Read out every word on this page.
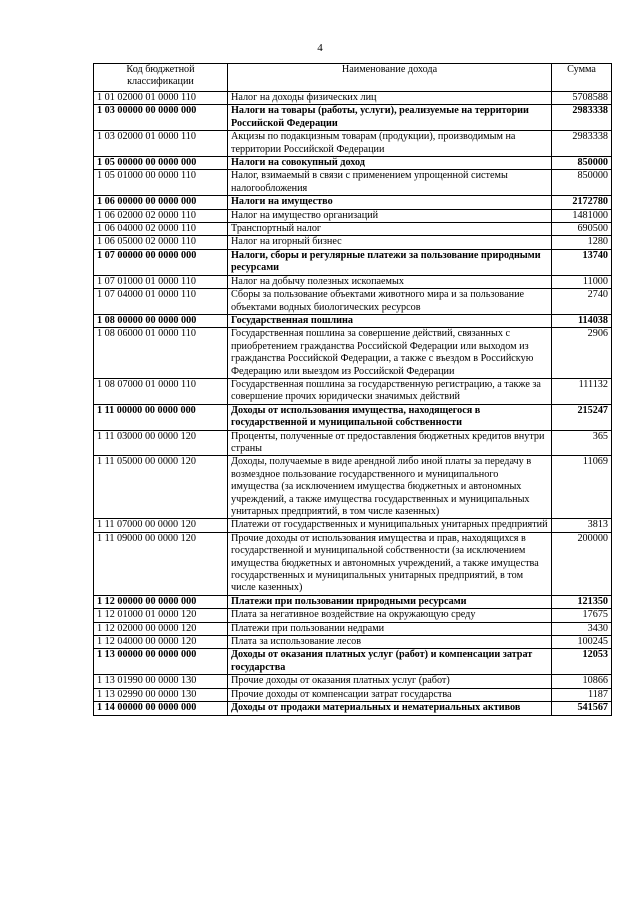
4
Код бюджетной классификации	Наименование дохода	Сумма
1 01 02000 01 0000 110	Налог на доходы физических лиц	5708588
1 03 00000 00 0000 000	Налоги на товары (работы, услуги), реализуемые на территории Российской Федерации	2983338
1 03 02000 01 0000 110	Акцизы по подакцизным товарам (продукции), производимым на территории Российской Федерации	2983338
1 05 00000 00 0000 000	Налоги на совокупный доход	850000
1 05 01000 00 0000 110	Налог, взимаемый в связи с применением упрощенной системы налогообложения	850000
1 06 00000 00 0000 000	Налоги на имущество	2172780
1 06 02000 02 0000 110	Налог на имущество организаций	1481000
1 06 04000 02 0000 110	Транспортный налог	690500
1 06 05000 02 0000 110	Налог на игорный бизнес	1280
1 07 00000 00 0000 000	Налоги, сборы и регулярные платежи за пользование природными ресурсами	13740
1 07 01000 01 0000 110	Налог на добычу полезных ископаемых	11000
1 07 04000 01 0000 110	Сборы за пользование объектами животного мира и за пользование объектами водных биологических ресурсов	2740
1 08 00000 00 0000 000	Государственная пошлина	114038
1 08 06000 01 0000 110	Государственная пошлина за совершение действий, связанных с приобретением гражданства Российской Федерации или выходом из гражданства Российской Федерации, а также с въездом в Российскую Федерацию или выездом из Российской Федерации	2906
1 08 07000 01 0000 110	Государственная пошлина за государственную регистрацию, а также за совершение прочих юридически значимых действий	111132
1 11 00000 00 0000 000	Доходы от использования имущества, находящегося в государственной и муниципальной собственности	215247
1 11 03000 00 0000 120	Проценты, полученные от предоставления бюджетных кредитов внутри страны	365
1 11 05000 00 0000 120	Доходы, получаемые в виде арендной либо иной платы за передачу в возмездное пользование государственного и муниципального имущества (за исключением имущества бюджетных и автономных учреждений, а также имущества государственных и муниципальных унитарных предприятий, в том числе казенных)	11069
1 11 07000 00 0000 120	Платежи от государственных и муниципальных унитарных предприятий	3813
1 11 09000 00 0000 120	Прочие доходы от использования имущества и прав, находящихся в государственной и муниципальной собственности (за исключением имущества бюджетных и автономных учреждений, а также имущества государственных и муниципальных унитарных предприятий, в том числе казенных)	200000
1 12 00000 00 0000 000	Платежи при пользовании природными ресурсами	121350
1 12 01000 01 0000 120	Плата за негативное воздействие на окружающую среду	17675
1 12 02000 00 0000 120	Платежи при пользовании недрами	3430
1 12 04000 00 0000 120	Плата за использование лесов	100245
1 13 00000 00 0000 000	Доходы от оказания платных услуг (работ) и компенсации затрат государства	12053
1 13 01990 00 0000 130	Прочие доходы от оказания платных услуг (работ)	10866
1 13 02990 00 0000 130	Прочие доходы от компенсации затрат государства	1187
1 14 00000 00 0000 000	Доходы от продажи материальных и нематериальных активов	541567
